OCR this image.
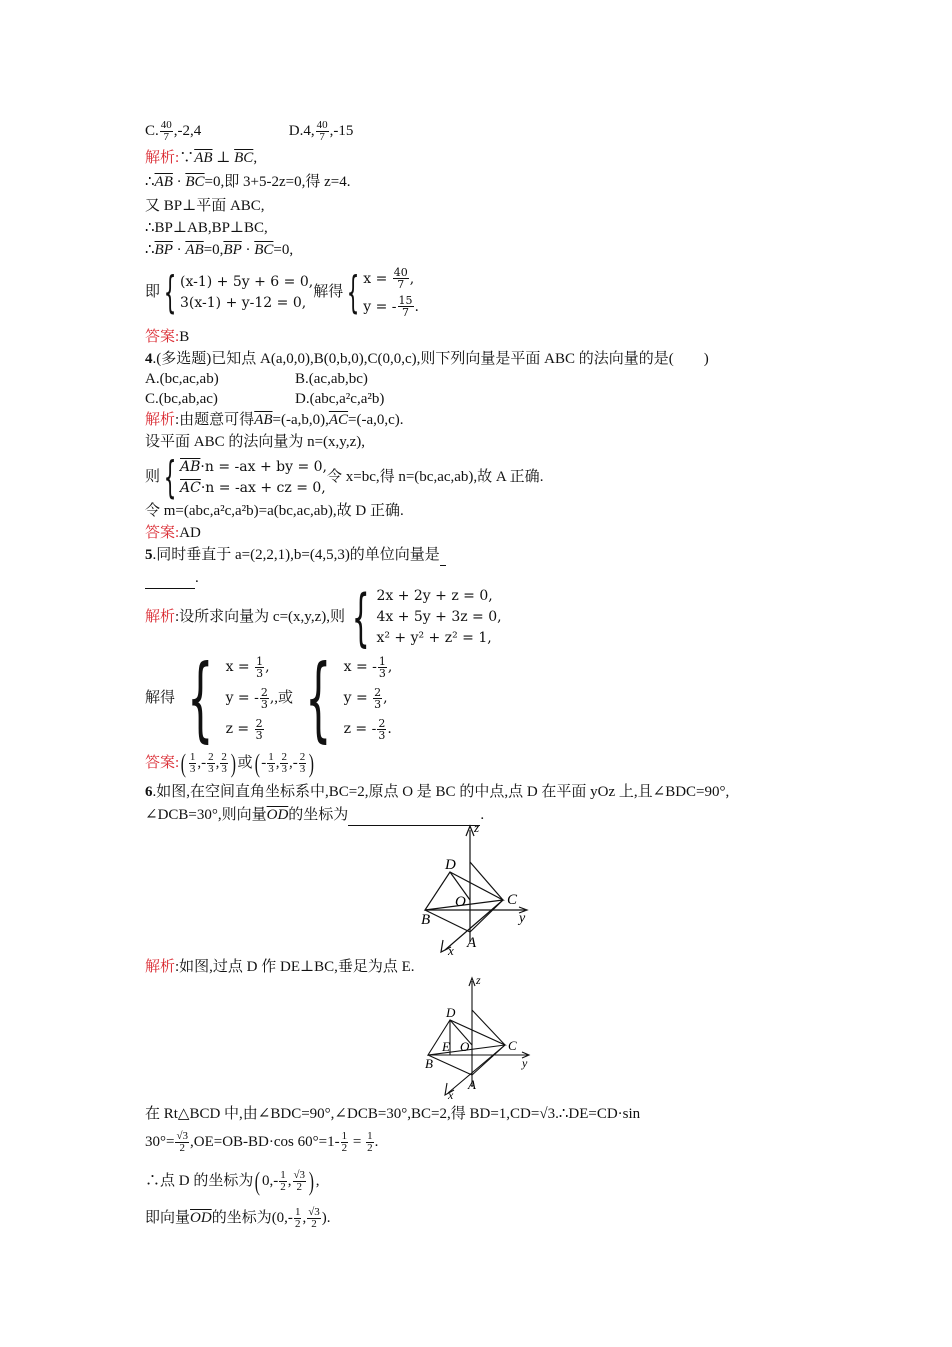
C. $\frac{40}{7} ,-2,4$	D.4, $\frac{40}{7} ,-15$
解析$:\because\overline{AB}$ ⊥ $\overline{BC}$,
$\therefore\overline{AB} \cdot \overline{BC}=0$,即 3+5-2z=0,得 z=4.
又 BP⊥平面 ABC,
∴BP⊥AB,BP⊥BC,
$\therefore\overline{BP} \cdot \overline{AB}=0,\overline{BP} \cdot \overline{BC}=0$,
即{ (x-1) + 5y + 6 = 0,
3(x-1) + y-12 = 0,
解得{ $x = \frac{40}{7}$ ,
y = - $\frac{15}{7}$ .
答案:B
4.(多选题)已知点 A(a,0,0),B(0,b,0),C(0,0,c),则下列向量是平面 ABC 的法向量的是(　　)
A.(bc,ac,ab)	B.(ac,ab,bc)
C.(bc,ab,ac)	D.(abc,a²c,a²b)
解析:由题意可得$\overline{AB}=(-a,b,0),\overline{AC}=(-a,0,c)$.
设平面 ABC 的法向量为 n=(x,y,z),
则{ $\overline{AB}\cdot n = -ax$ + by = 0,
$\overline{AC}\cdot n = -ax$ + cz = 0,
令 x=bc,得 n=(bc,ac,ab),故 A 正确.
令 m=(abc,a²c,a²b)=a(bc,ac,ab),故 D 正确.
答案:AD
5.同时垂直于 a=(2,2,1),b=(4,5,3)的单位向量是
.
解析:设所求向量为 c=(x,y,z),则 { 2x + 2y + z = 0,
4x + 5y + 3z = 0,
x² + y² + z² = 1,
解得 { $x = \frac{1}{3}$ ,
y = - $\frac{2}{3}$ ,
$z = \frac{2}{3}$
,或 { x = - $\frac{1}{3}$ ,
$y = \frac{2}{3}$ ,
z = - $\frac{2}{3}$ .
答案:( $\frac{1}{3}$ ,- $\frac{2}{3}$ , $\frac{2}{3}$ ) 或( - $\frac{1}{3}$ , $\frac{2}{3}$ ,- $\frac{2}{3}$ )
6.如图,在空间直角坐标系中,BC=2,原点 O 是 BC 的中点,点 D 在平面 yOz 上,且∠BDC=90°,
∠DCB=30°,则向量$\overline{OD}$的坐标为	.
z
D
O	C
B	y
x A
解析:如图,过点 D 作 DE⊥BC,垂足为点 E.
z
D
E O	C
B	y
x
A
在 Rt△BCD 中,由∠BDC=90°,∠DCB=30°,BC=2,得 BD=1,CD=√3.∴DE=CD·sin
$30^\circ= \frac{√3}{2} ,OE=OB-BD\cdot\cos$ $60^\circ=1- \frac{1}{2} = \frac{1}{2}$ .
∴点 D 的坐标为( $0,- \frac{1}{2}$ , $\frac{√3}{2}$ ) ,
即向量$\overline{OD}$的坐标为($0,- \frac{1}{2}$ , $\frac{√3}{2}$ ).
